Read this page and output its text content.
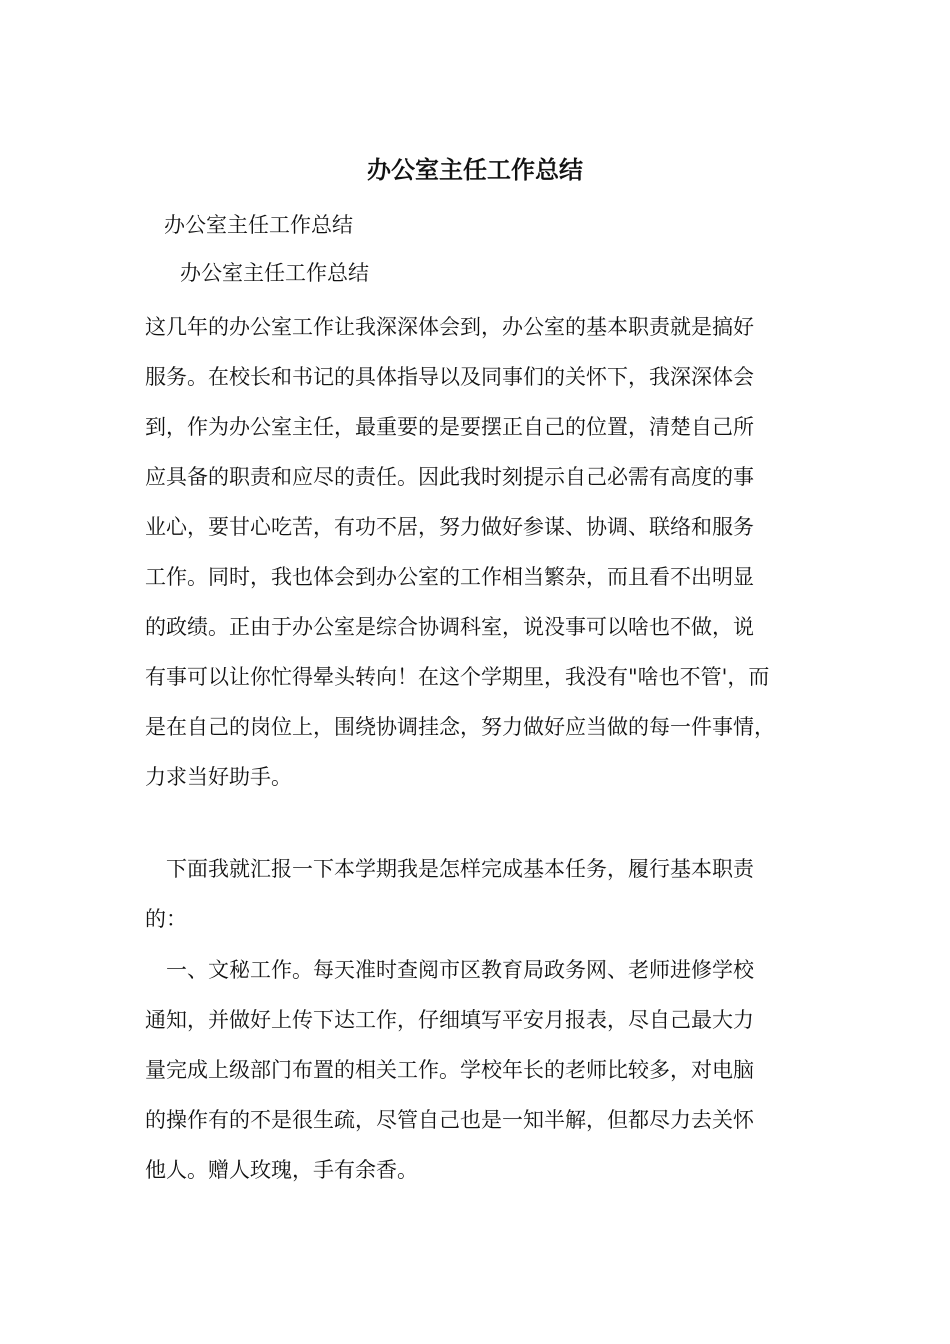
办公室主任工作总结
办公室主任工作总结
办公室主任工作总结
这几年的办公室工作让我深深体会到，办公室的基本职责就是搞好
服务。在校长和书记的具体指导以及同事们的关怀下，我深深体会
到，作为办公室主任，最重要的是要摆正自己的位置，清楚自己所
应具备的职责和应尽的责任。因此我时刻提示自己必需有高度的事
业心，要甘心吃苦，有功不居，努力做好参谋、协调、联络和服务
工作。同时，我也体会到办公室的工作相当繁杂，而且看不出明显
的政绩。正由于办公室是综合协调科室，说没事可以啥也不做，说
有事可以让你忙得晕头转向！在这个学期里，我没有"啥也不管'，而
是在自己的岗位上，围绕协调挂念，努力做好应当做的每一件事情，
力求当好助手。
　下面我就汇报一下本学期我是怎样完成基本任务，履行基本职责
的：
　一、文秘工作。每天准时查阅市区教育局政务网、老师进修学校
通知，并做好上传下达工作，仔细填写平安月报表，尽自己最大力
量完成上级部门布置的相关工作。学校年长的老师比较多，对电脑
的操作有的不是很生疏，尽管自己也是一知半解，但都尽力去关怀
他人。赠人玫瑰，手有余香。
